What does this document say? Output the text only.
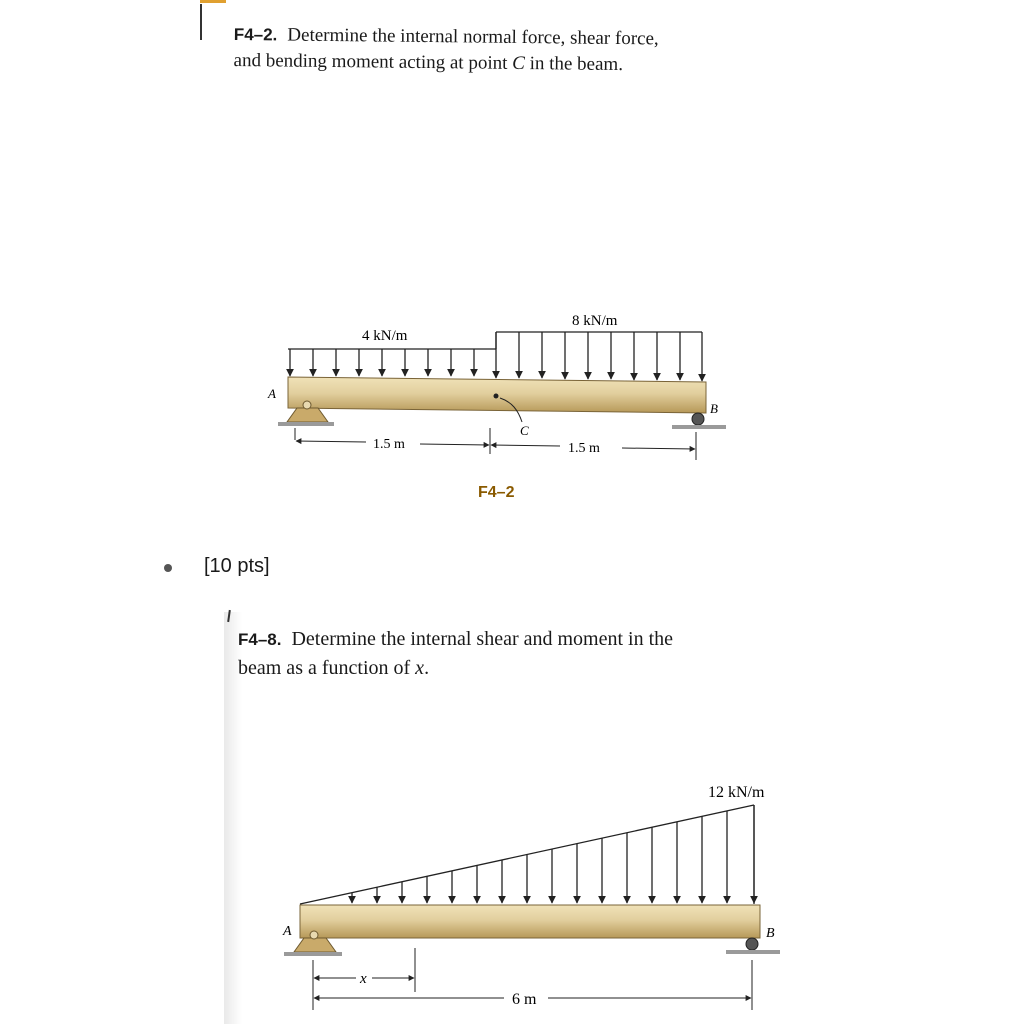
F4–2. Determine the internal normal force, shear force,
and bending moment acting at point C in the beam.
4 kN/m
8 kN/m
A
B
C
1.5 m	1.5 m
12 kN/m
A	B
x
6 m
F4–2
[10 pts]
F4–8. Determine the internal shear and moment in the
beam as a function of x.
